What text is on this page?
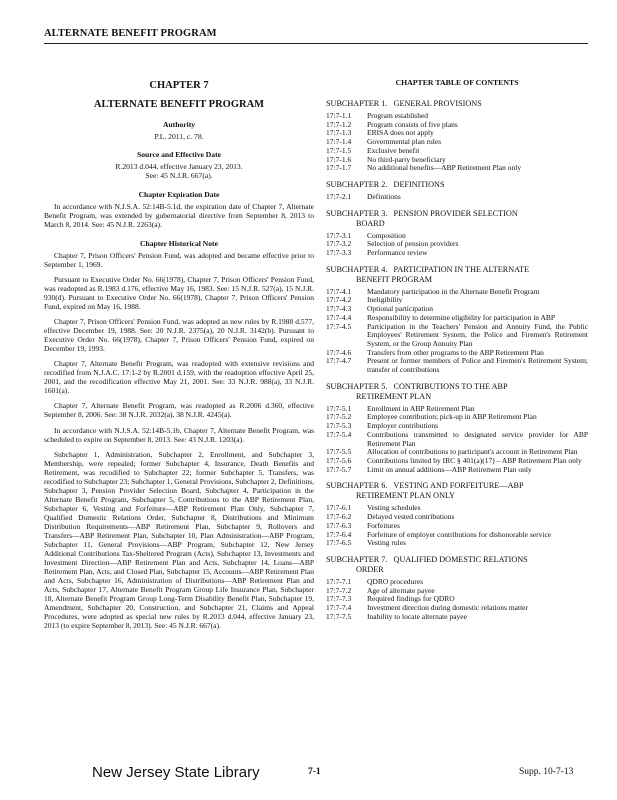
ALTERNATE BENEFIT PROGRAM
CHAPTER 7
ALTERNATE BENEFIT PROGRAM
Authority
P.L. 2011, c. 78.
Source and Effective Date
R.2013 d.044, effective January 23, 2013.
See: 45 N.J.R. 667(a).
Chapter Expiration Date

In accordance with N.J.S.A. 52:14B-5.1d, the expiration date of Chapter 7, Alternate Benefit Program, was extended by gubernatorial directive from September 8, 2013 to March 8, 2014. See: 45 N.J.R. 2263(a).

Chapter Historical Note

Chapter 7, Prison Officers' Pension Fund, was adopted and became effective prior to September 1, 1969.

Pursuant to Executive Order No. 66(1978), Chapter 7, Prison Officers' Pension Fund, was readopted as R.1983 d.176, effective May 16, 1983. See: 15 N.J.R. 527(a), 15 N.J.R. 930(d). Pursuant to Executive Order No. 66(1978), Chapter 7, Prison Officers' Pension Fund, expired on May 16, 1988.

Chapter 7, Prison Officers' Pension Fund, was adopted as new rules by R.1988 d.577, effective December 19, 1988. See: 20 N.J.R. 2375(a), 20 N.J.R. 3142(b). Pursuant to Executive Order No. 66(1978), Chapter 7, Prison Officers' Pension Fund, expired on December 19, 1993.

Chapter 7, Alternate Benefit Program, was readopted with extensive revisions and recodified from N.J.A.C. 17:1-2 by R.2001 d.159, with the readoption effective April 25, 2001, and the recodification effective May 21, 2001. See: 33 N.J.R. 988(a), 33 N.J.R. 1601(a).

Chapter 7, Alternate Benefit Program, was readopted as R.2006 d.360, effective September 8, 2006. See: 38 N.J.R. 2032(a), 38 N.J.R. 4245(a).

In accordance with N.J.S.A. 52:14B-5.1b, Chapter 7, Alternate Benefit Program, was scheduled to expire on September 8, 2013. See: 43 N.J.R. 1203(a).

Subchapter 1, Administration, Subchapter 2, Enrollment, and Subchapter 3, Membership, were repealed; former Subchapter 4, Insurance, Death Benefits and Retirement, was recodified to Subchapter 22; former Subchapter 5, Transfers, was recodified to Subchapter 23; Subchapter 1, General Provisions, Subchapter 2, Definitions, Subchapter 3, Pension Provider Selection Board, Subchapter 4, Participation in the Alternate Benefit Program, Subchapter 5, Contributions to the ABP Retirement Plan, Subchapter 6, Vesting and Forfeiture—ABP Retirement Plan Only, Subchapter 7, Qualified Domestic Relations Order, Subchapter 8, Distributions and Minimum Distribution Requirements—ABP Retirement Plan, Subchapter 9, Rollovers and Transfers—ABP Retirement Plan, Subchapter 10, Plan Administration—ABP Program, Subchapter 11, General Provisions—ABP Program, Subchapter 12, New Jersey Additional Contributions Tax-Sheltered Program (Acts), Subchapter 13, Investments and Investment Direction—ABP Retirement Plan and Acts, Subchapter 14, Loans—ABP Retirement Plan, Acts, and Closed Plan, Subchapter 15, Accounts—ABP Retirement Plan and Acts, Subchapter 16, Administration of Distributions—ABP Retirement Plan and Acts, Subchapter 17, Alternate Benefit Program Group Life Insurance Plan, Subchapter 18, Alternate Benefit Program Group Long-Term Disability Benefit Plan, Subchapter 19, Amendment, Subchapter 20, Construction, and Subchapter 21, Claims and Appeal Procedures, were adopted as special new rules by R.2013 d.044, effective January 23, 2013 (to expire September 8, 2013). See: 45 N.J.R. 667(a).

CHAPTER TABLE OF CONTENTS
SUBCHAPTER 1.   GENERAL PROVISIONS
17:7-1.1	Program established
17:7-1.2	Program consists of five plans
17:7-1.3	ERISA does not apply
17:7-1.4	Governmental plan rules
17:7-1.5	Exclusive benefit
17:7-1.6	No third-party beneficiary
17:7-1.7	No additional benefits—ABP Retirement Plan only
SUBCHAPTER 2.   DEFINITIONS
17:7-2.1	Definitions
SUBCHAPTER 3.   PENSION PROVIDER SELECTION
BOARD
17:7-3.1	Composition
17:7-3.2	Selection of pension providers
17:7-3.3	Performance review
SUBCHAPTER 4.   PARTICIPATION IN THE ALTERNATE
BENEFIT PROGRAM
17:7-4.1	Mandatory participation in the Alternate Benefit Program
17:7-4.2	Ineligibility
17:7-4.3	Optional participation
17:7-4.4	Responsibility to determine eligibility for participation in ABP
17:7-4.5	Participation in the Teachers' Pension and Annuity Fund, the Public Employees' Retirement System, the Police and Firemen's Retirement System, or the Group Annuity Plan
17:7-4.6	Transfers from other programs to the ABP Retirement Plan
17:7-4.7	Present or former members of Police and Firemen's Retirement System; transfer of contributions
SUBCHAPTER 5.   CONTRIBUTIONS TO THE ABP
RETIREMENT PLAN
17:7-5.1	Enrollment in ABP Retirement Plan
17:7-5.2	Employee contribution; pick-up in ABP Retirement Plan
17:7-5.3	Employer contributions
17:7-5.4	Contributions transmitted to designated service provider for ABP Retirement Plan
17:7-5.5	Allocation of contributions to participant's account in Retirement Plan
17:7-5.6	Contributions limited by IRC § 401(a)(17) – ABP Retirement Plan only
17:7-5.7	Limit on annual additions—ABP Retirement Plan only
SUBCHAPTER 6.   VESTING AND FORFEITURE—ABP
RETIREMENT PLAN ONLY
17:7-6.1	Vesting schedules
17:7-6.2	Delayed vested contributions
17:7-6.3	Forfeitures
17:7-6.4	Forfeiture of employer contributions for dishonorable service
17:7-6.5	Vesting rules
SUBCHAPTER 7.   QUALIFIED DOMESTIC RELATIONS
ORDER
17:7-7.1	QDRO procedures
17:7-7.2	Age of alternate payee
17:7-7.3	Required findings for QDRO
17:7-7.4	Investment direction during domestic relations matter
17:7-7.5	Inability to locate alternate payee
New Jersey State Library	7-1	Supp. 10-7-13
